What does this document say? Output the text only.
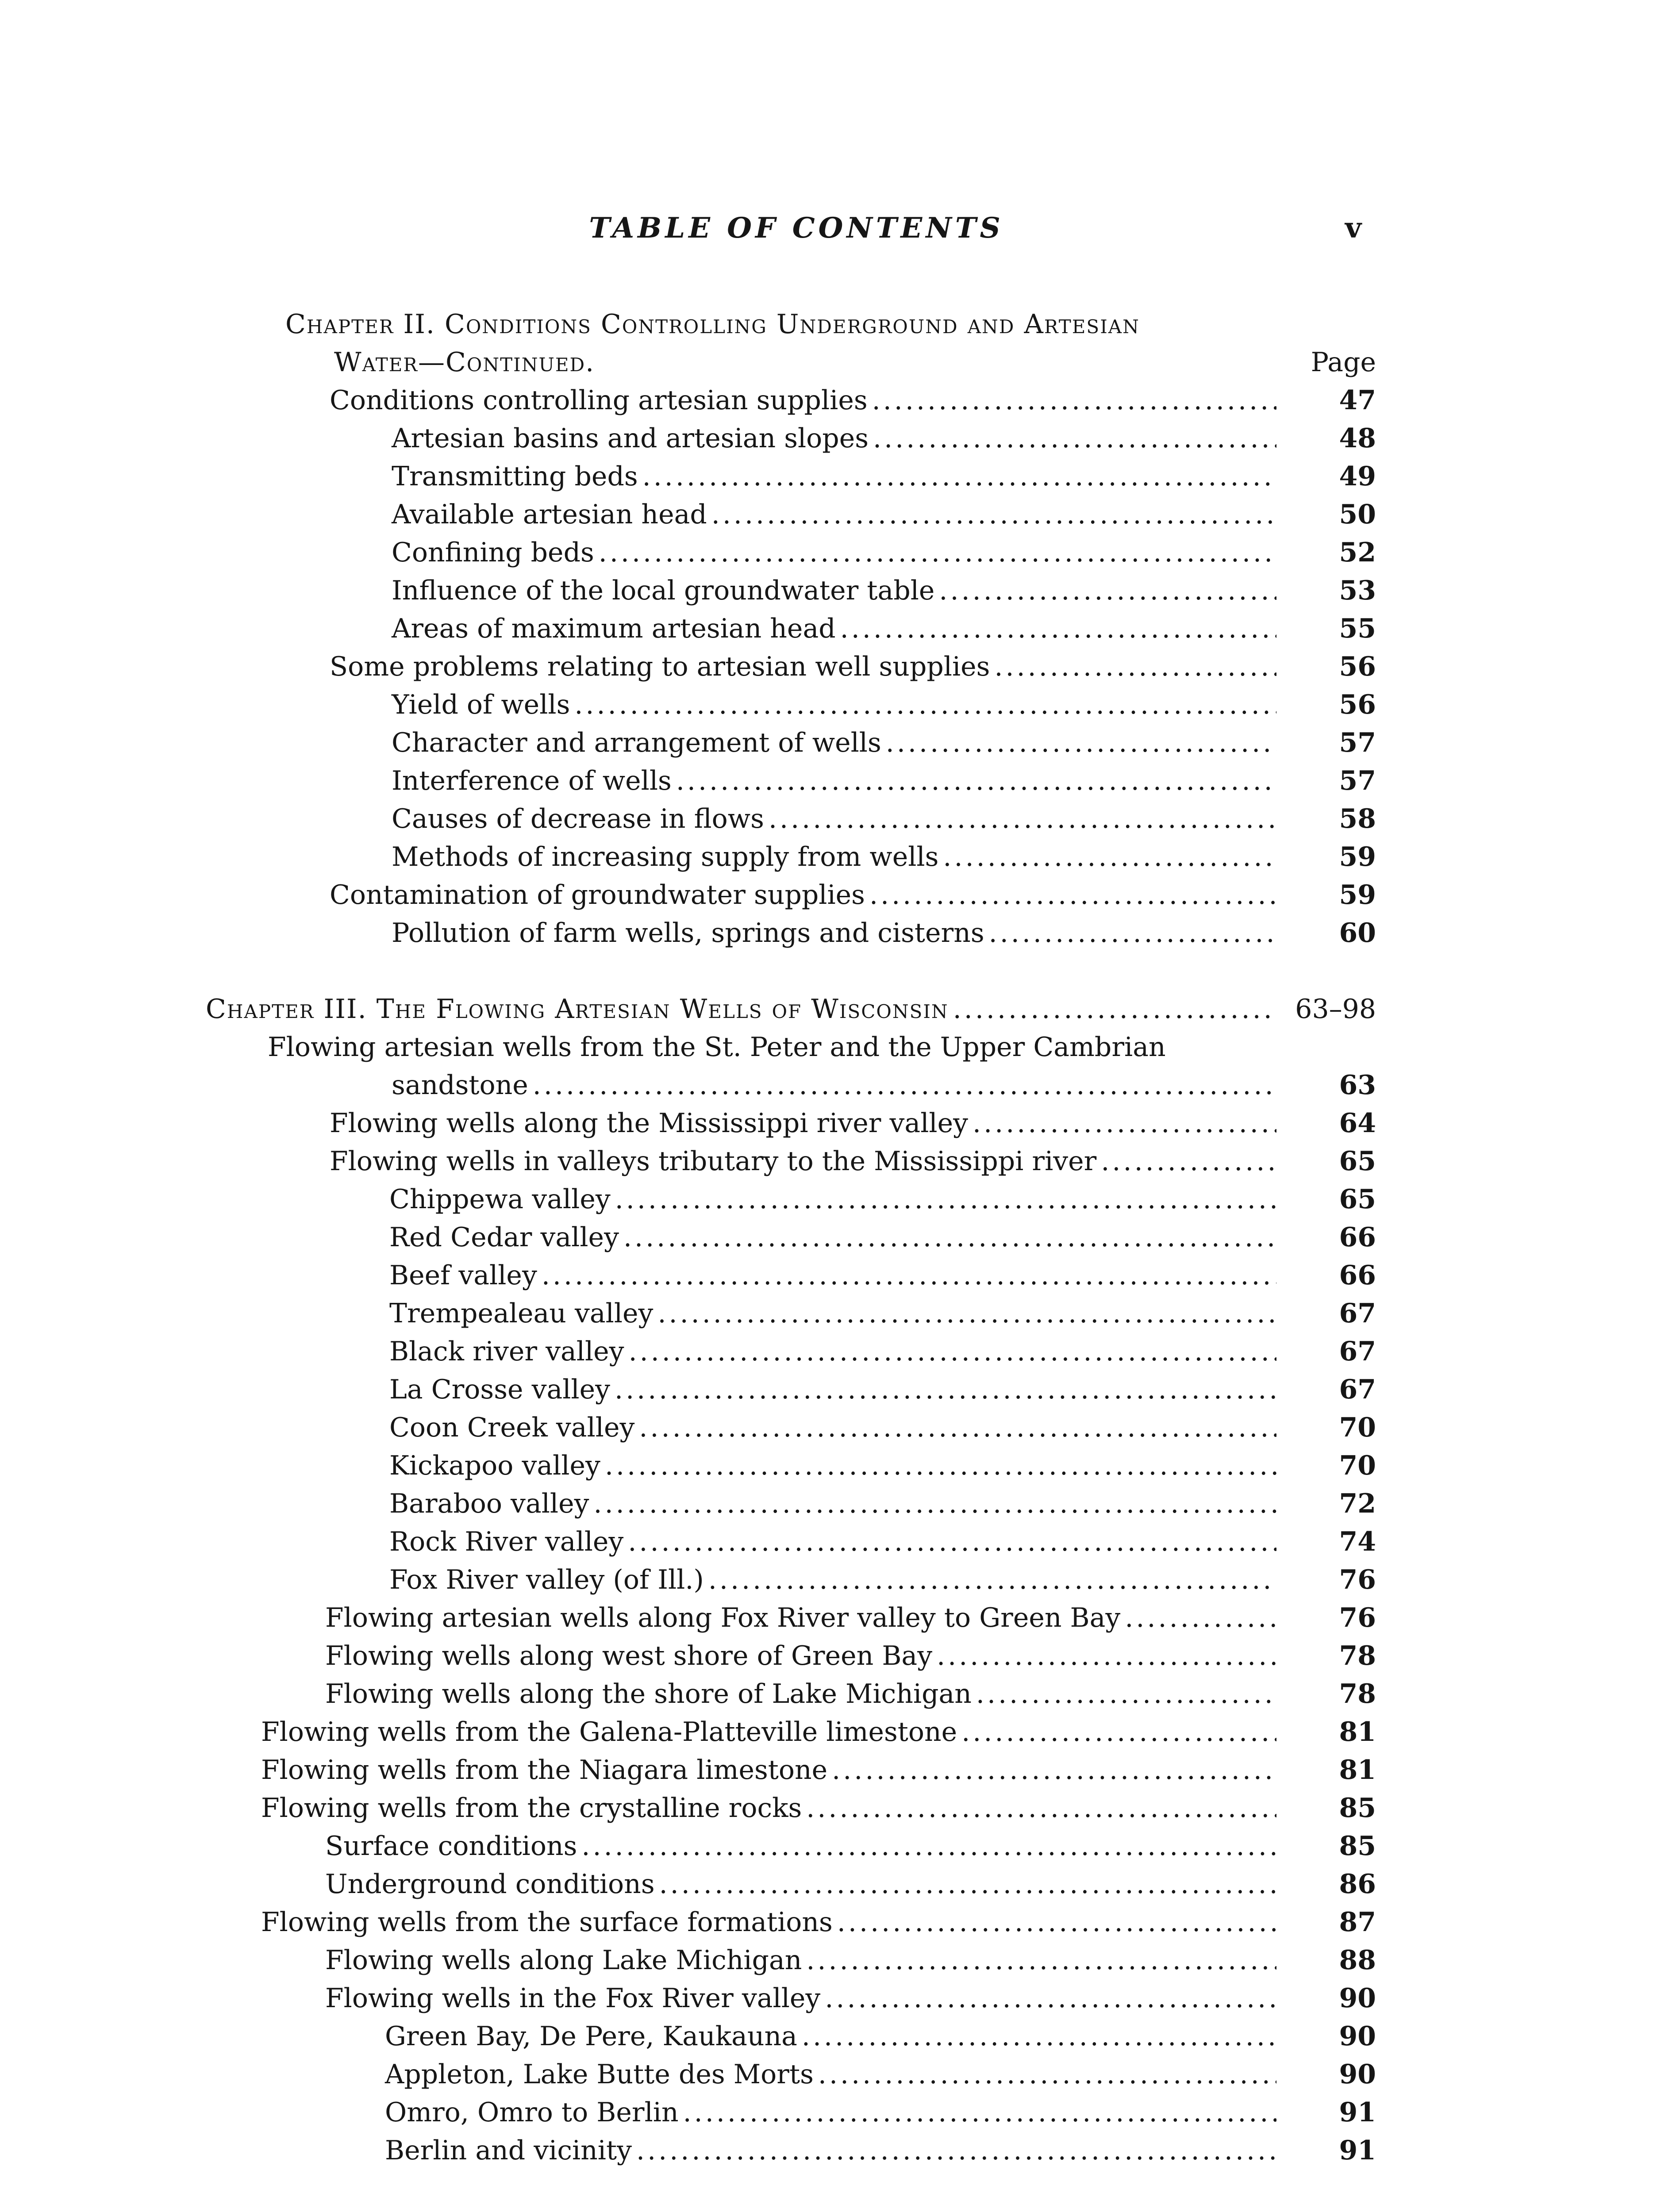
TABLE OF CONTENTS	v
Chapter II. Conditions Controlling Underground and Artesian
Water—Continued.	Page
Conditions controlling artesian supplies .....	47
Artesian basins and artesian slopes .....	48
Transmitting beds .....	49
Available artesian head .....	50
Confining beds .....	52
Influence of the local groundwater table .....	53
Areas of maximum artesian head .....	55
Some problems relating to artesian well supplies .....	56
Yield of wells .....	56
Character and arrangement of wells .....	57
Interference of wells .....	57
Causes of decrease in flows .....	58
Methods of increasing supply from wells .....	59
Contamination of groundwater supplies .....	59
Pollution of farm wells, springs and cisterns .....	60
Chapter III. The Flowing Artesian Wells of Wisconsin .....	63–98
Flowing artesian wells from the St. Peter and the Upper Cambrian
sandstone .....	63
Flowing wells along the Mississippi river valley .....	64
Flowing wells in valleys tributary to the Mississippi river .....	65
Chippewa valley .....	65
Red Cedar valley .....	66
Beef valley .....	66
Trempealeau valley .....	67
Black river valley .....	67
La Crosse valley .....	67
Coon Creek valley .....	70
Kickapoo valley .....	70
Baraboo valley .....	72
Rock River valley .....	74
Fox River valley (of Ill.) .....	76
Flowing artesian wells along Fox River valley to Green Bay .....	76
Flowing wells along west shore of Green Bay .....	78
Flowing wells along the shore of Lake Michigan .....	78
Flowing wells from the Galena-Platteville limestone .....	81
Flowing wells from the Niagara limestone .....	81
Flowing wells from the crystalline rocks .....	85
Surface conditions .....	85
Underground conditions .....	86
Flowing wells from the surface formations .....	87
Flowing wells along Lake Michigan .....	88
Flowing wells in the Fox River valley .....	90
Green Bay, De Pere, Kaukauna .....	90
Appleton, Lake Butte des Morts .....	90
Omro, Omro to Berlin .....	91
Berlin and vicinity .....	91
